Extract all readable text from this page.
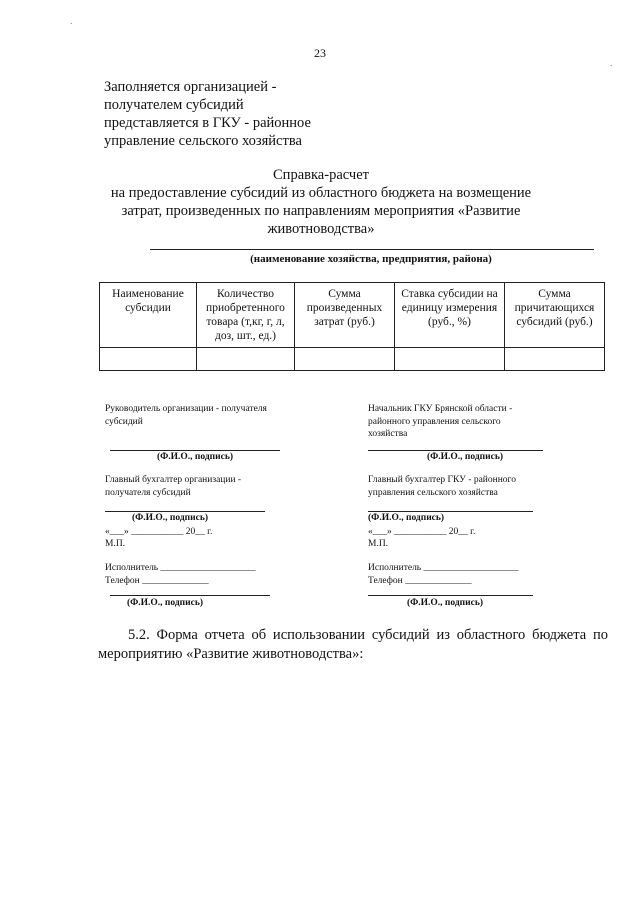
·
23
Заполняется организацией -
получателем субсидий
представляется в ГКУ - районное
управление сельского хозяйства
Справка-расчет
на предоставление субсидий из областного бюджета на возмещение
затрат, произведенных по направлениям мероприятия «Развитие
животноводства»
(наименование хозяйства, предприятия, района)
Наименование субсидии	Количество приобретенного товара (т,кг, г, л, доз, шт., ед.)	Сумма произведенных затрат (руб.)	Ставка субсидии на единицу измерения (руб., %)	Сумма причитающихся субсидий (руб.)

Руководитель организации - получателя
субсидий
(Ф.И.О., подпись)
Главный бухгалтер организации -
получателя субсидий
(Ф.И.О., подпись)
«___» ___________ 20__ г.
М.П.
Исполнитель ____________________
Телефон ______________
(Ф.И.О., подпись)
Начальник ГКУ Брянской области -
районного управления сельского
хозяйства
(Ф.И.О., подпись)
Главный бухгалтер ГКУ - районного
управления сельского хозяйства
(Ф.И.О., подпись)
«___» ___________ 20__ г.
М.П.
Исполнитель ____________________
Телефон ______________
(Ф.И.О., подпись)
5.2. Форма отчета об использовании субсидий из областного бюджета по мероприятию «Развитие животноводства»:
·
